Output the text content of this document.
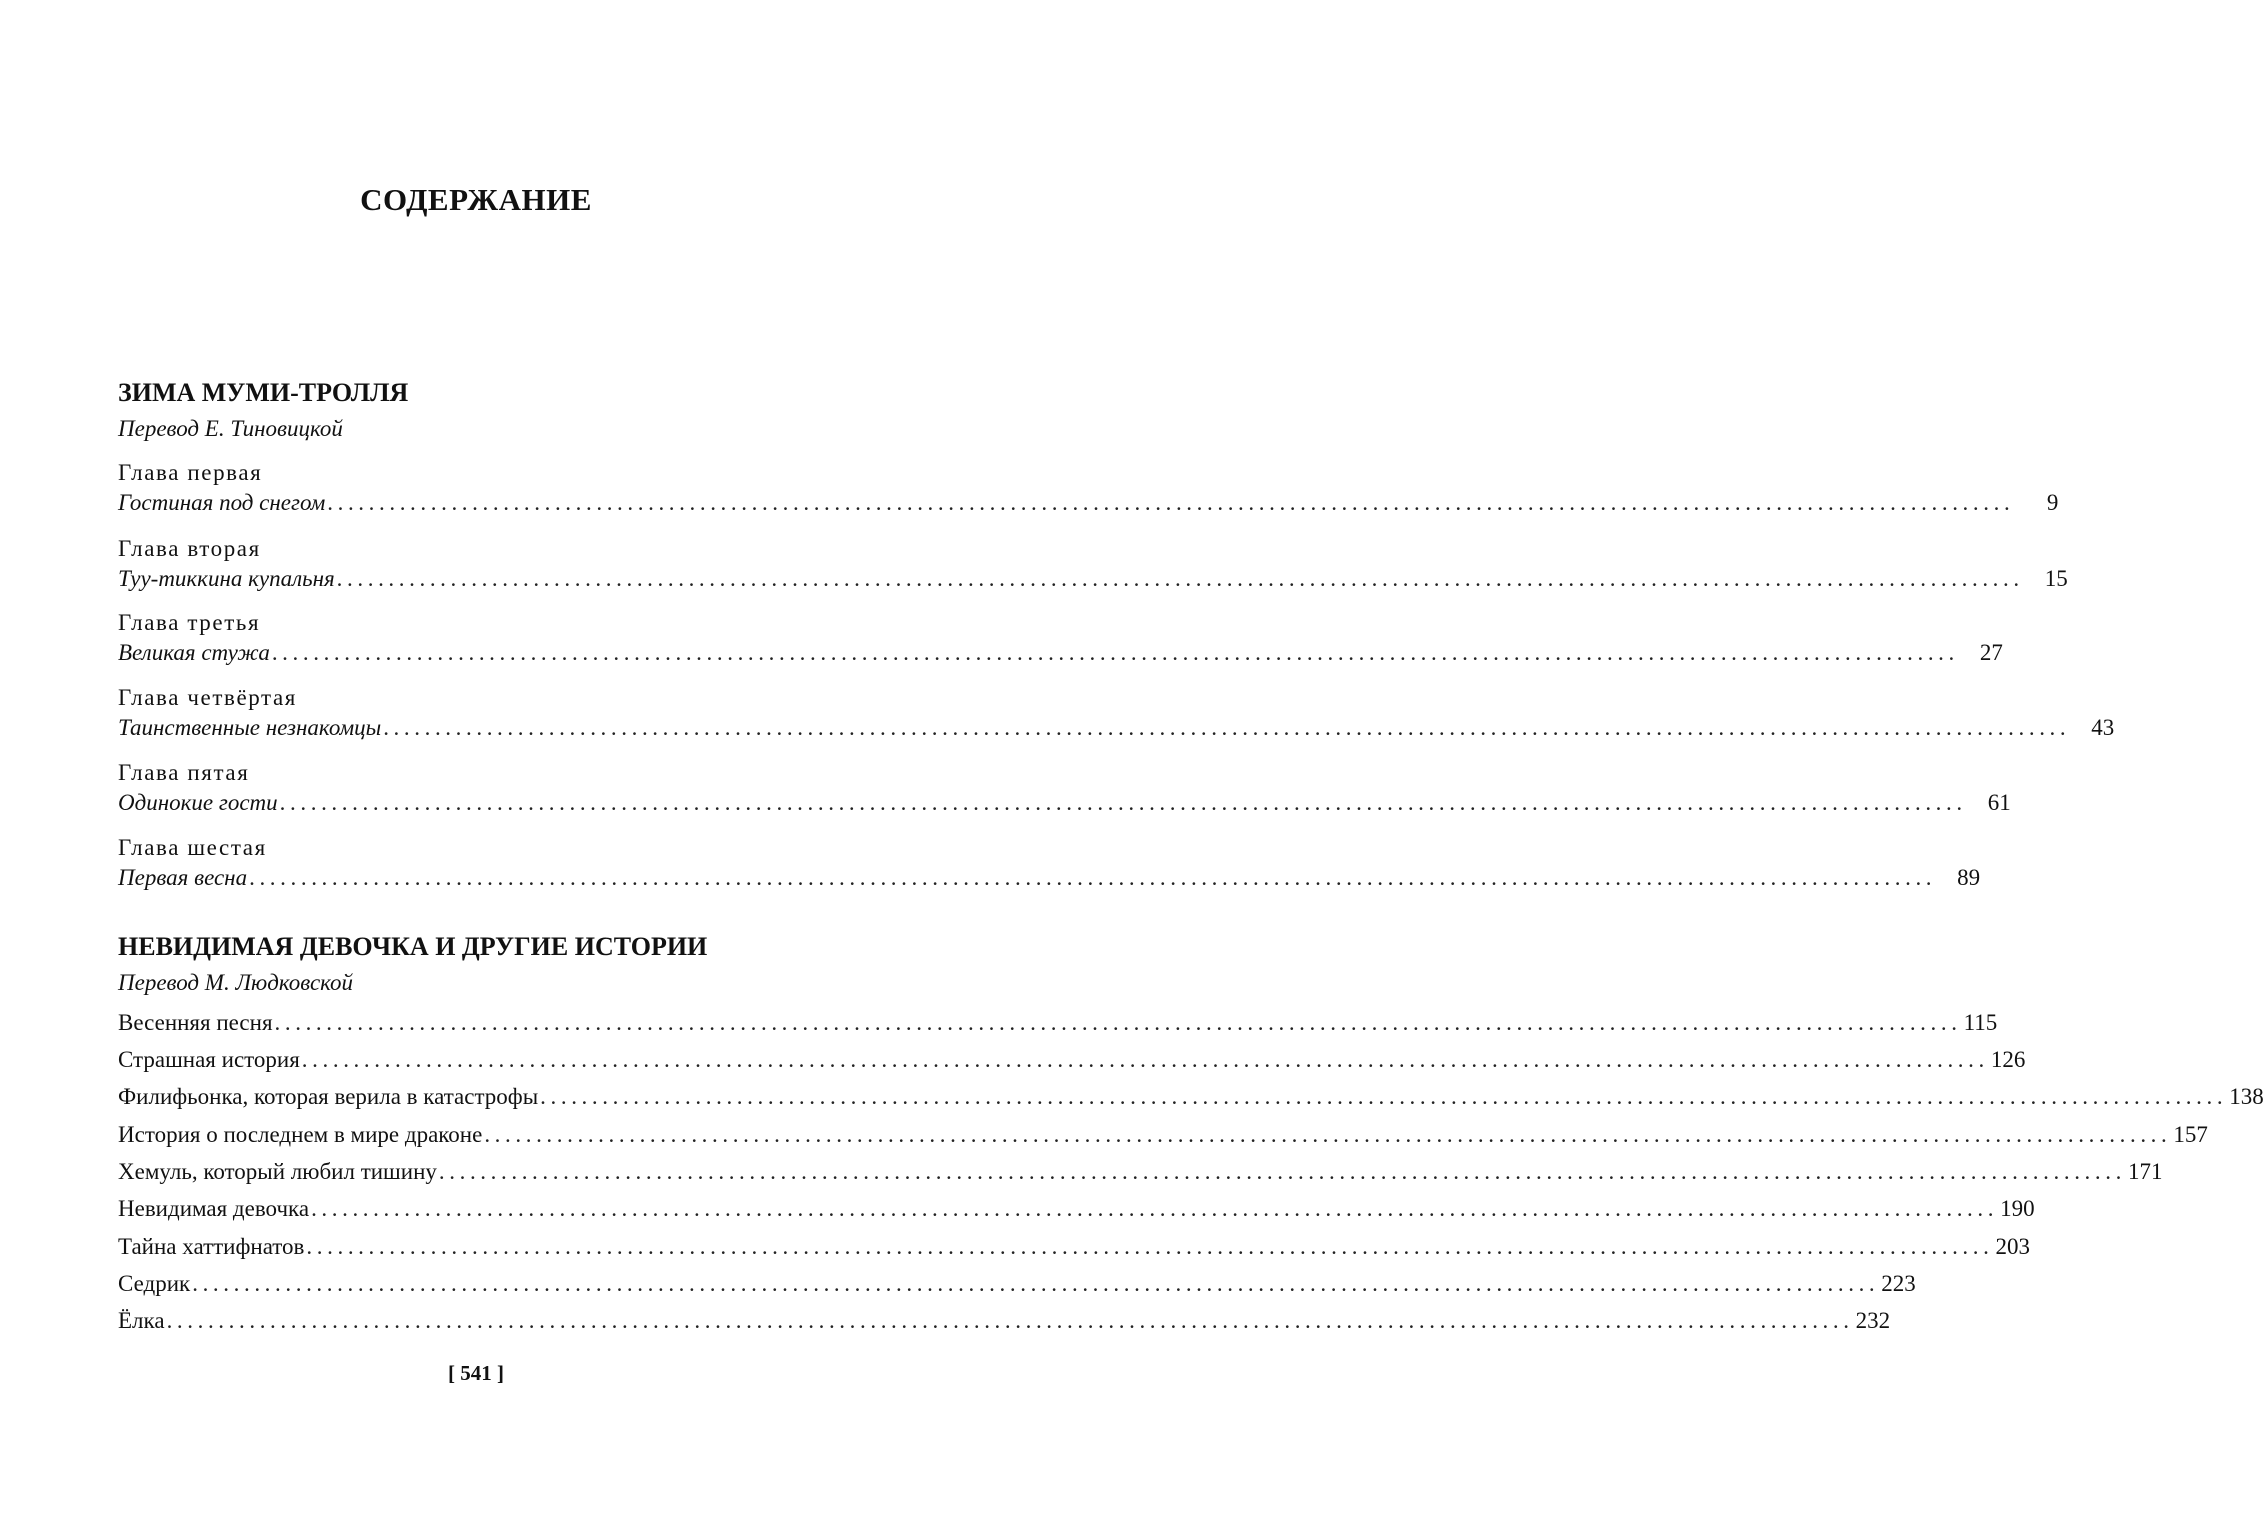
СОДЕРЖАНИЕ
ЗИМА МУМИ-ТРОЛЛЯ
Перевод Е. Тиновицкой
Глава первая
Гостиная под снегом ...................................................................................................................................................................	9
Глава вторая
Туу-тиккина купальня ................................................................................................................................................................... 15
Глава третья
Великая стужа ................................................................................................................................................................... 27
Глава четвёртая
Таинственные незнакомцы ................................................................................................................................................................... 43
Глава пятая
Одинокие гости ................................................................................................................................................................... 61
Глава шестая
Первая весна ................................................................................................................................................................... 89
НЕВИДИМАЯ ДЕВОЧКА И ДРУГИЕ ИСТОРИИ
Перевод М. Людковской
Весенняя песня ................................................................................................................................................................... 115
Страшная история ................................................................................................................................................................... 126
Филифьонка, которая верила в катастрофы ................................................................................................................................................................... 138
История о последнем в мире драконе ................................................................................................................................................................... 157
Хемуль, который любил тишину ................................................................................................................................................................... 171
Невидимая девочка ................................................................................................................................................................... 190
Тайна хаттифнатов ................................................................................................................................................................... 203
Седрик ................................................................................................................................................................... 223
Ёлка ................................................................................................................................................................... 232
[ 541 ]
